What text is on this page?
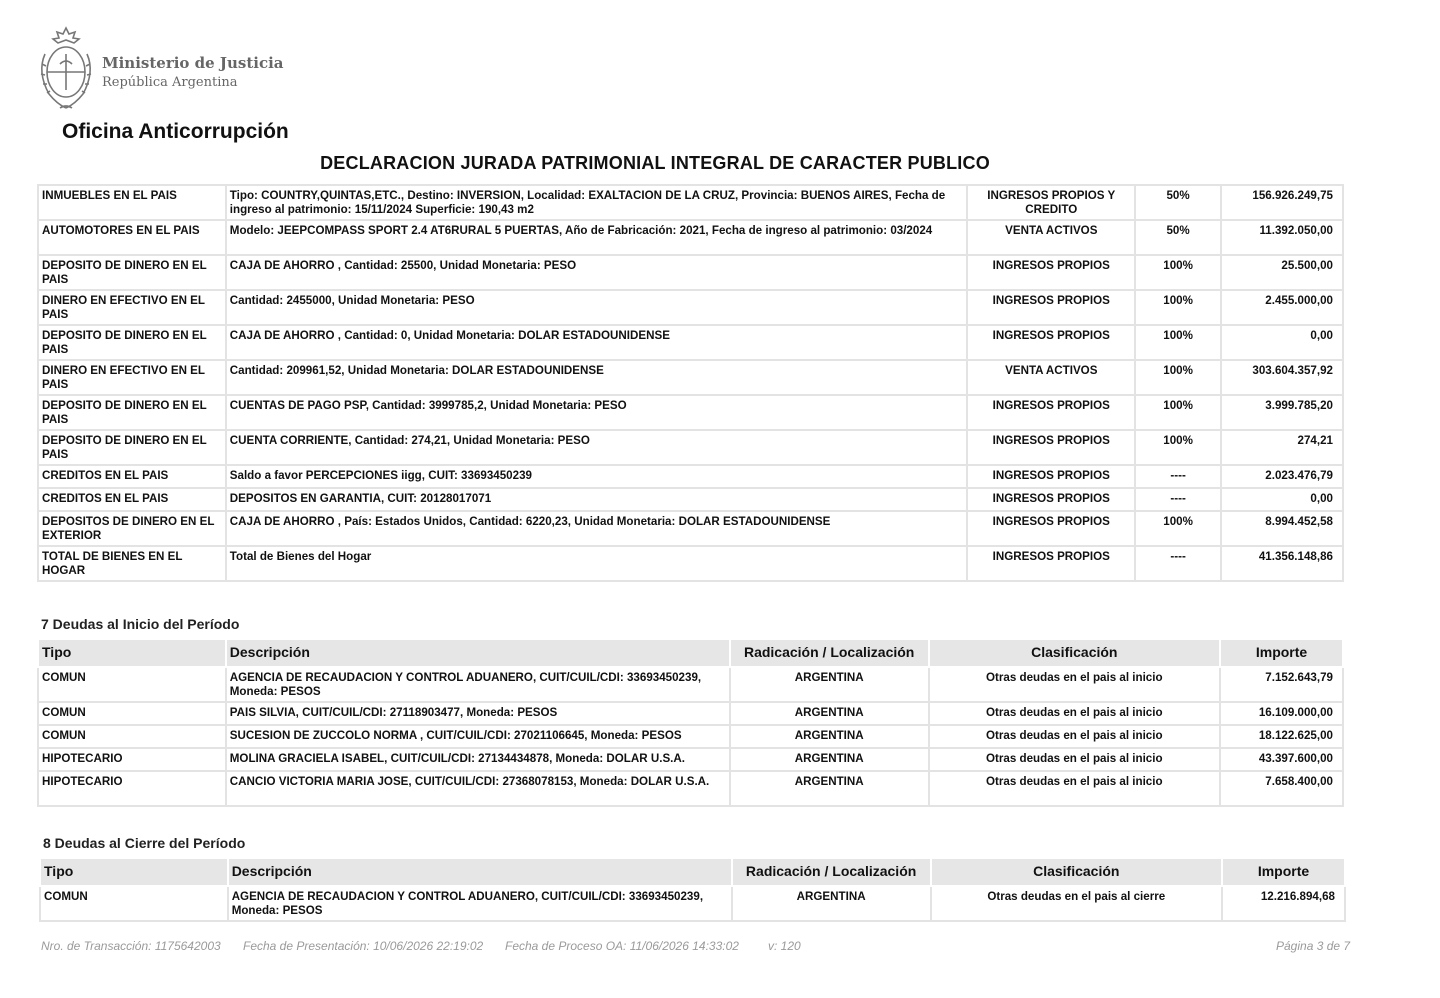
Ministerio de Justicia
República Argentina
Oficina Anticorrupción
DECLARACION JURADA PATRIMONIAL INTEGRAL DE CARACTER PUBLICO
INMUEBLES EN EL PAIS	Tipo: COUNTRY,QUINTAS,ETC., Destino: INVERSION, Localidad: EXALTACION DE LA CRUZ, Provincia: BUENOS AIRES, Fecha de ingreso al patrimonio: 15/11/2024 Superficie: 190,43 m2	INGRESOS PROPIOS Y CREDITO	50%	156.926.249,75
AUTOMOTORES EN EL PAIS	Modelo: JEEPCOMPASS SPORT 2.4 AT6RURAL 5 PUERTAS, Año de Fabricación: 2021, Fecha de ingreso al patrimonio: 03/2024	VENTA ACTIVOS	50%	11.392.050,00
DEPOSITO DE DINERO EN EL PAIS	CAJA DE AHORRO , Cantidad: 25500, Unidad Monetaria: PESO	INGRESOS PROPIOS	100%	25.500,00
DINERO EN EFECTIVO EN EL PAIS	Cantidad: 2455000, Unidad Monetaria: PESO	INGRESOS PROPIOS	100%	2.455.000,00
DEPOSITO DE DINERO EN EL PAIS	CAJA DE AHORRO , Cantidad: 0, Unidad Monetaria: DOLAR ESTADOUNIDENSE	INGRESOS PROPIOS	100%	0,00
DINERO EN EFECTIVO EN EL PAIS	Cantidad: 209961,52, Unidad Monetaria: DOLAR ESTADOUNIDENSE	VENTA ACTIVOS	100%	303.604.357,92
DEPOSITO DE DINERO EN EL PAIS	CUENTAS DE PAGO PSP, Cantidad: 3999785,2, Unidad Monetaria: PESO	INGRESOS PROPIOS	100%	3.999.785,20
DEPOSITO DE DINERO EN EL PAIS	CUENTA CORRIENTE, Cantidad: 274,21, Unidad Monetaria: PESO	INGRESOS PROPIOS	100%	274,21
CREDITOS EN EL PAIS	Saldo a favor PERCEPCIONES iigg, CUIT: 33693450239	INGRESOS PROPIOS	----	2.023.476,79
CREDITOS EN EL PAIS	DEPOSITOS EN GARANTIA, CUIT: 20128017071	INGRESOS PROPIOS	----	0,00
DEPOSITOS DE DINERO EN EL EXTERIOR	CAJA DE AHORRO , País: Estados Unidos, Cantidad: 6220,23, Unidad Monetaria: DOLAR ESTADOUNIDENSE	INGRESOS PROPIOS	100%	8.994.452,58
TOTAL DE BIENES EN EL HOGAR	Total de Bienes del Hogar	INGRESOS PROPIOS	----	41.356.148,86
7 Deudas al Inicio del Período
Tipo	Descripción	Radicación / Localización	Clasificación	Importe
COMUN	AGENCIA DE RECAUDACION Y CONTROL ADUANERO, CUIT/CUIL/CDI: 33693450239, Moneda: PESOS	ARGENTINA	Otras deudas en el pais al inicio	7.152.643,79
COMUN	PAIS SILVIA, CUIT/CUIL/CDI: 27118903477, Moneda: PESOS	ARGENTINA	Otras deudas en el pais al inicio	16.109.000,00
COMUN	SUCESION DE ZUCCOLO NORMA , CUIT/CUIL/CDI: 27021106645, Moneda: PESOS	ARGENTINA	Otras deudas en el pais al inicio	18.122.625,00
HIPOTECARIO	MOLINA GRACIELA ISABEL, CUIT/CUIL/CDI: 27134434878, Moneda: DOLAR U.S.A.	ARGENTINA	Otras deudas en el pais al inicio	43.397.600,00
HIPOTECARIO	CANCIO VICTORIA MARIA JOSE, CUIT/CUIL/CDI: 27368078153, Moneda: DOLAR U.S.A.	ARGENTINA	Otras deudas en el pais al inicio	7.658.400,00
8 Deudas al Cierre del Período
Tipo	Descripción	Radicación / Localización	Clasificación	Importe
COMUN	AGENCIA DE RECAUDACION Y CONTROL ADUANERO, CUIT/CUIL/CDI: 33693450239, Moneda: PESOS	ARGENTINA	Otras deudas en el pais al cierre	12.216.894,68
Nro. de Transacción: 1175642003 Fecha de Presentación: 10/06/2026 22:19:02 Fecha de Proceso OA: 11/06/2026 14:33:02 v: 120	Página 3 de 7
